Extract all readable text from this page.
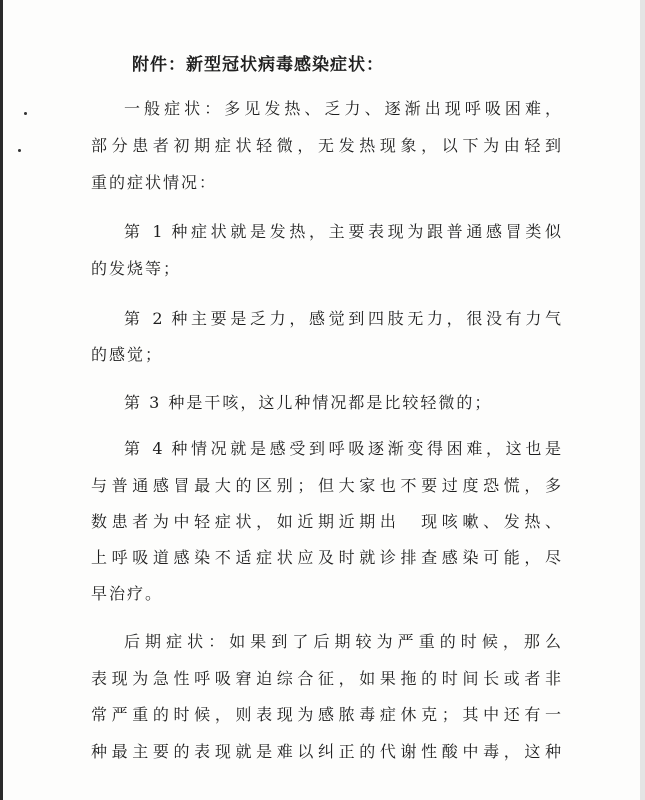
附件：新型冠状病毒感染症状：
一般症状：多见发热、乏力、逐渐出现呼吸困难，
部分患者初期症状轻微，无发热现象，以下为由轻到
重的症状情况：
第 1 种症状就是发热，主要表现为跟普通感冒类似
的发烧等；
第 2 种主要是乏力，感觉到四肢无力，很没有力气
的感觉；
第 3 种是干咳，这儿种情况都是比较轻微的；
第 4 种情况就是感受到呼吸逐渐变得困难，这也是
与普通感冒最大的区别；但大家也不要过度恐慌，多
数患者为中轻症状，如近期近期出　现咳嗽、发热、
上呼吸道感染不适症状应及时就诊排查感染可能，尽
早治疗。
后期症状：如果到了后期较为严重的时候，那么
表现为急性呼吸窘迫综合征，如果拖的时间长或者非
常严重的时候，则表现为感脓毒症休克；其中还有一
种最主要的表现就是难以纠正的代谢性酸中毒，这种
